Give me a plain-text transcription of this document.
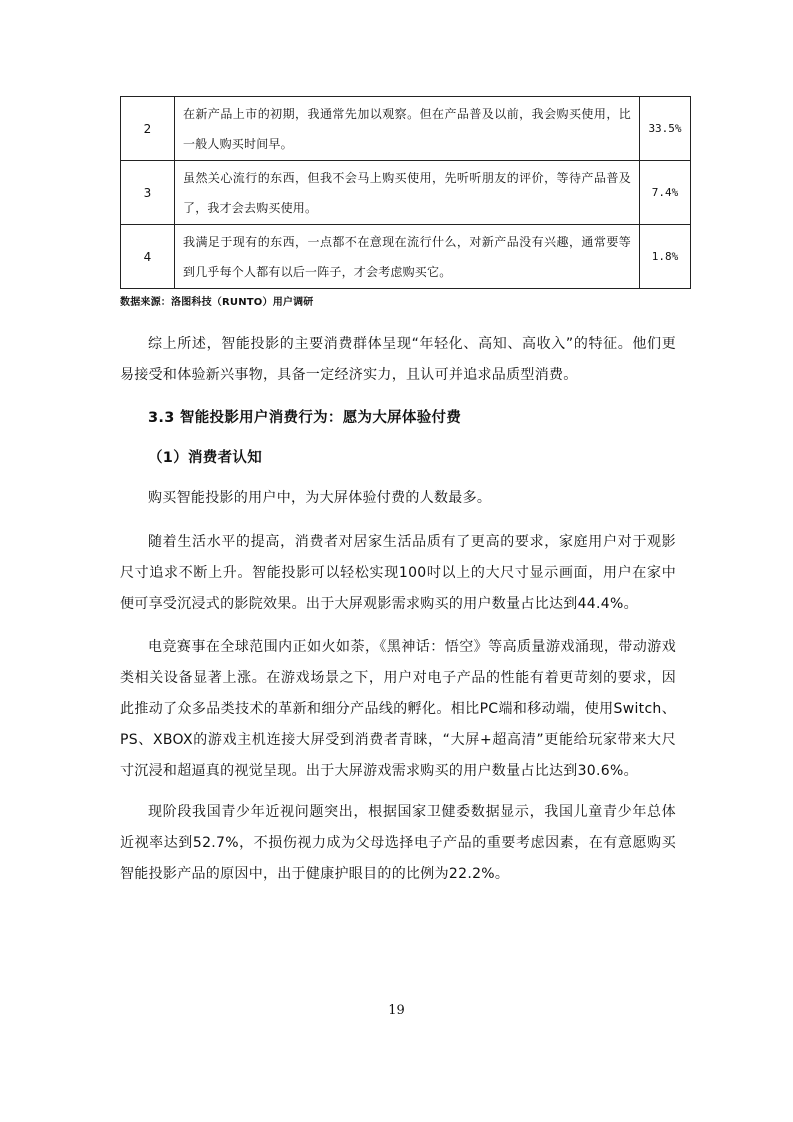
2	在新产品上市的初期，我通常先加以观察。但在产品普及以前，我会购买使用，比一般人购买时间早。	33.5%
3	虽然关心流行的东西，但我不会马上购买使用，先听听朋友的评价，等待产品普及了，我才会去购买使用。	7.4%
4	我满足于现有的东西，一点都不在意现在流行什么，对新产品没有兴趣，通常要等到几乎每个人都有以后一阵子，才会考虑购买它。	1.8%
数据来源：洛图科技（RUNTO）用户调研

综上所述，智能投影的主要消费群体呈现“年轻化、高知、高收入”的特征。他们更易接受和体验新兴事物，具备一定经济实力，且认可并追求品质型消费。

3.3 智能投影用户消费行为：愿为大屏体验付费
（1）消费者认知

购买智能投影的用户中，为大屏体验付费的人数最多。

随着生活水平的提高，消费者对居家生活品质有了更高的要求，家庭用户对于观影尺寸追求不断上升。智能投影可以轻松实现100吋以上的大尺寸显示画面，用户在家中便可享受沉浸式的影院效果。出于大屏观影需求购买的用户数量占比达到44.4%。

电竞赛事在全球范围内正如火如荼，《黑神话：悟空》等高质量游戏涌现，带动游戏类相关设备显著上涨。在游戏场景之下，用户对电子产品的性能有着更苛刻的要求，因此推动了众多品类技术的革新和细分产品线的孵化。相比PC端和移动端，使用Switch、PS、XBOX的游戏主机连接大屏受到消费者青睐，“大屏+超高清”更能给玩家带来大尺寸沉浸和超逼真的视觉呈现。出于大屏游戏需求购买的用户数量占比达到30.6%。

现阶段我国青少年近视问题突出，根据国家卫健委数据显示，我国儿童青少年总体近视率达到52.7%，不损伤视力成为父母选择电子产品的重要考虑因素，在有意愿购买智能投影产品的原因中，出于健康护眼目的的比例为22.2%。

19
